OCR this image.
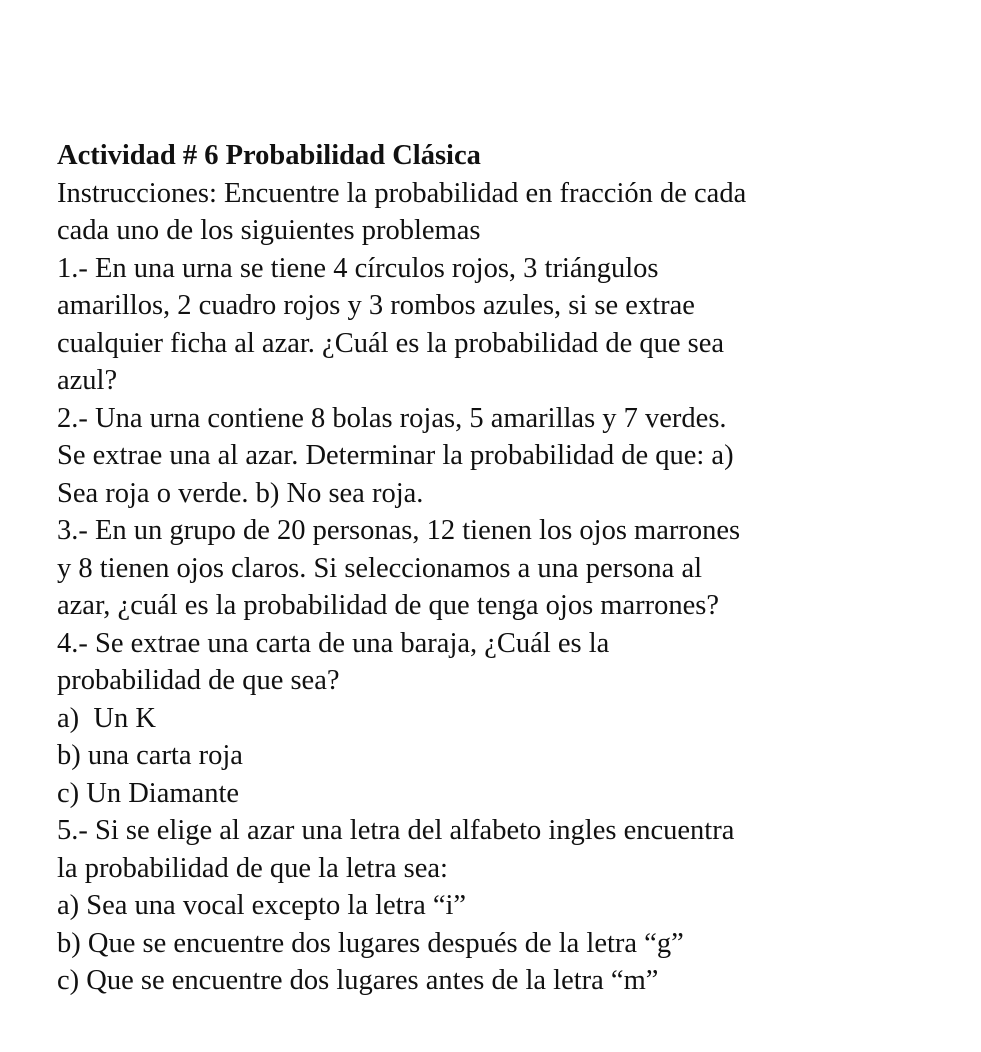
Actividad # 6 Probabilidad Clásica
Instrucciones: Encuentre la probabilidad en fracción de cada
cada uno de los siguientes problemas
1.- En una urna se tiene 4 círculos rojos, 3 triángulos
amarillos, 2 cuadro rojos y 3 rombos azules, si se extrae
cualquier ficha al azar. ¿Cuál es la probabilidad de que sea
azul?
2.- Una urna contiene 8 bolas rojas, 5 amarillas y 7 verdes.
Se extrae una al azar. Determinar la probabilidad de que: a)
Sea roja o verde. b) No sea roja.
3.- En un grupo de 20 personas, 12 tienen los ojos marrones
y 8 tienen ojos claros. Si seleccionamos a una persona al
azar, ¿cuál es la probabilidad de que tenga ojos marrones?
4.- Se extrae una carta de una baraja, ¿Cuál es la
probabilidad de que sea?
a)  Un K
b) una carta roja
c) Un Diamante
5.- Si se elige al azar una letra del alfabeto ingles encuentra
la probabilidad de que la letra sea:
a) Sea una vocal excepto la letra “i”
b) Que se encuentre dos lugares después de la letra “g”
c) Que se encuentre dos lugares antes de la letra “m”
